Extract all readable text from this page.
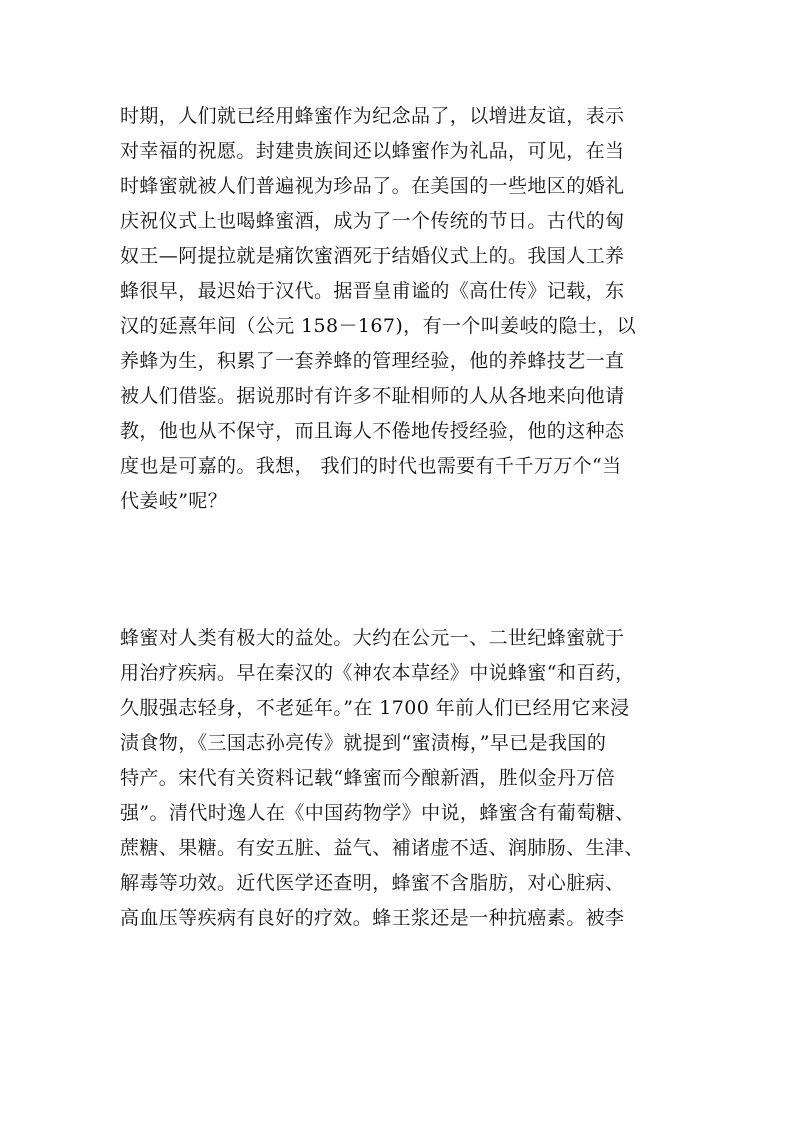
时期，人们就已经用蜂蜜作为纪念品了，以增进友谊，表示
对幸福的祝愿。封建贵族间还以蜂蜜作为礼品，可见，在当
时蜂蜜就被人们普遍视为珍品了。在美国的一些地区的婚礼
庆祝仪式上也喝蜂蜜酒，成为了一个传统的节日。古代的匈
奴王—阿提拉就是痛饮蜜酒死于结婚仪式上的。我国人工养
蜂很早，最迟始于汉代。据晋皇甫谧的《高仕传》记载，东
汉的延熹年间（公元 158－167)，有一个叫姜岐的隐士，以
养蜂为生，积累了一套养蜂的管理经验，他的养蜂技艺一直
被人们借鉴。据说那时有许多不耻相师的人从各地来向他请
教，他也从不保守，而且诲人不倦地传授经验，他的这种态
度也是可嘉的。我想， 我们的时代也需要有千千万万个“当
代姜岐”呢？
蜂蜜对人类有极大的益处。大约在公元一、二世纪蜂蜜就于
用治疗疾病。早在秦汉的《神农本草经》中说蜂蜜“和百药，
久服强志轻身，不老延年。”在 1700 年前人们已经用它来浸
渍食物，《三国志孙亮传》就提到“蜜渍梅，”早已是我国的
特产。宋代有关资料记载“蜂蜜而今酿新酒，胜似金丹万倍
强”。清代时逸人在《中国药物学》中说，蜂蜜含有葡萄糖、
蔗糖、果糖。有安五脏、益气、補诸虚不适、润肺肠、生津、
解毒等功效。近代医学还查明，蜂蜜不含脂肪，对心脏病、
高血压等疾病有良好的疗效。蜂王浆还是一种抗癌素。被李
